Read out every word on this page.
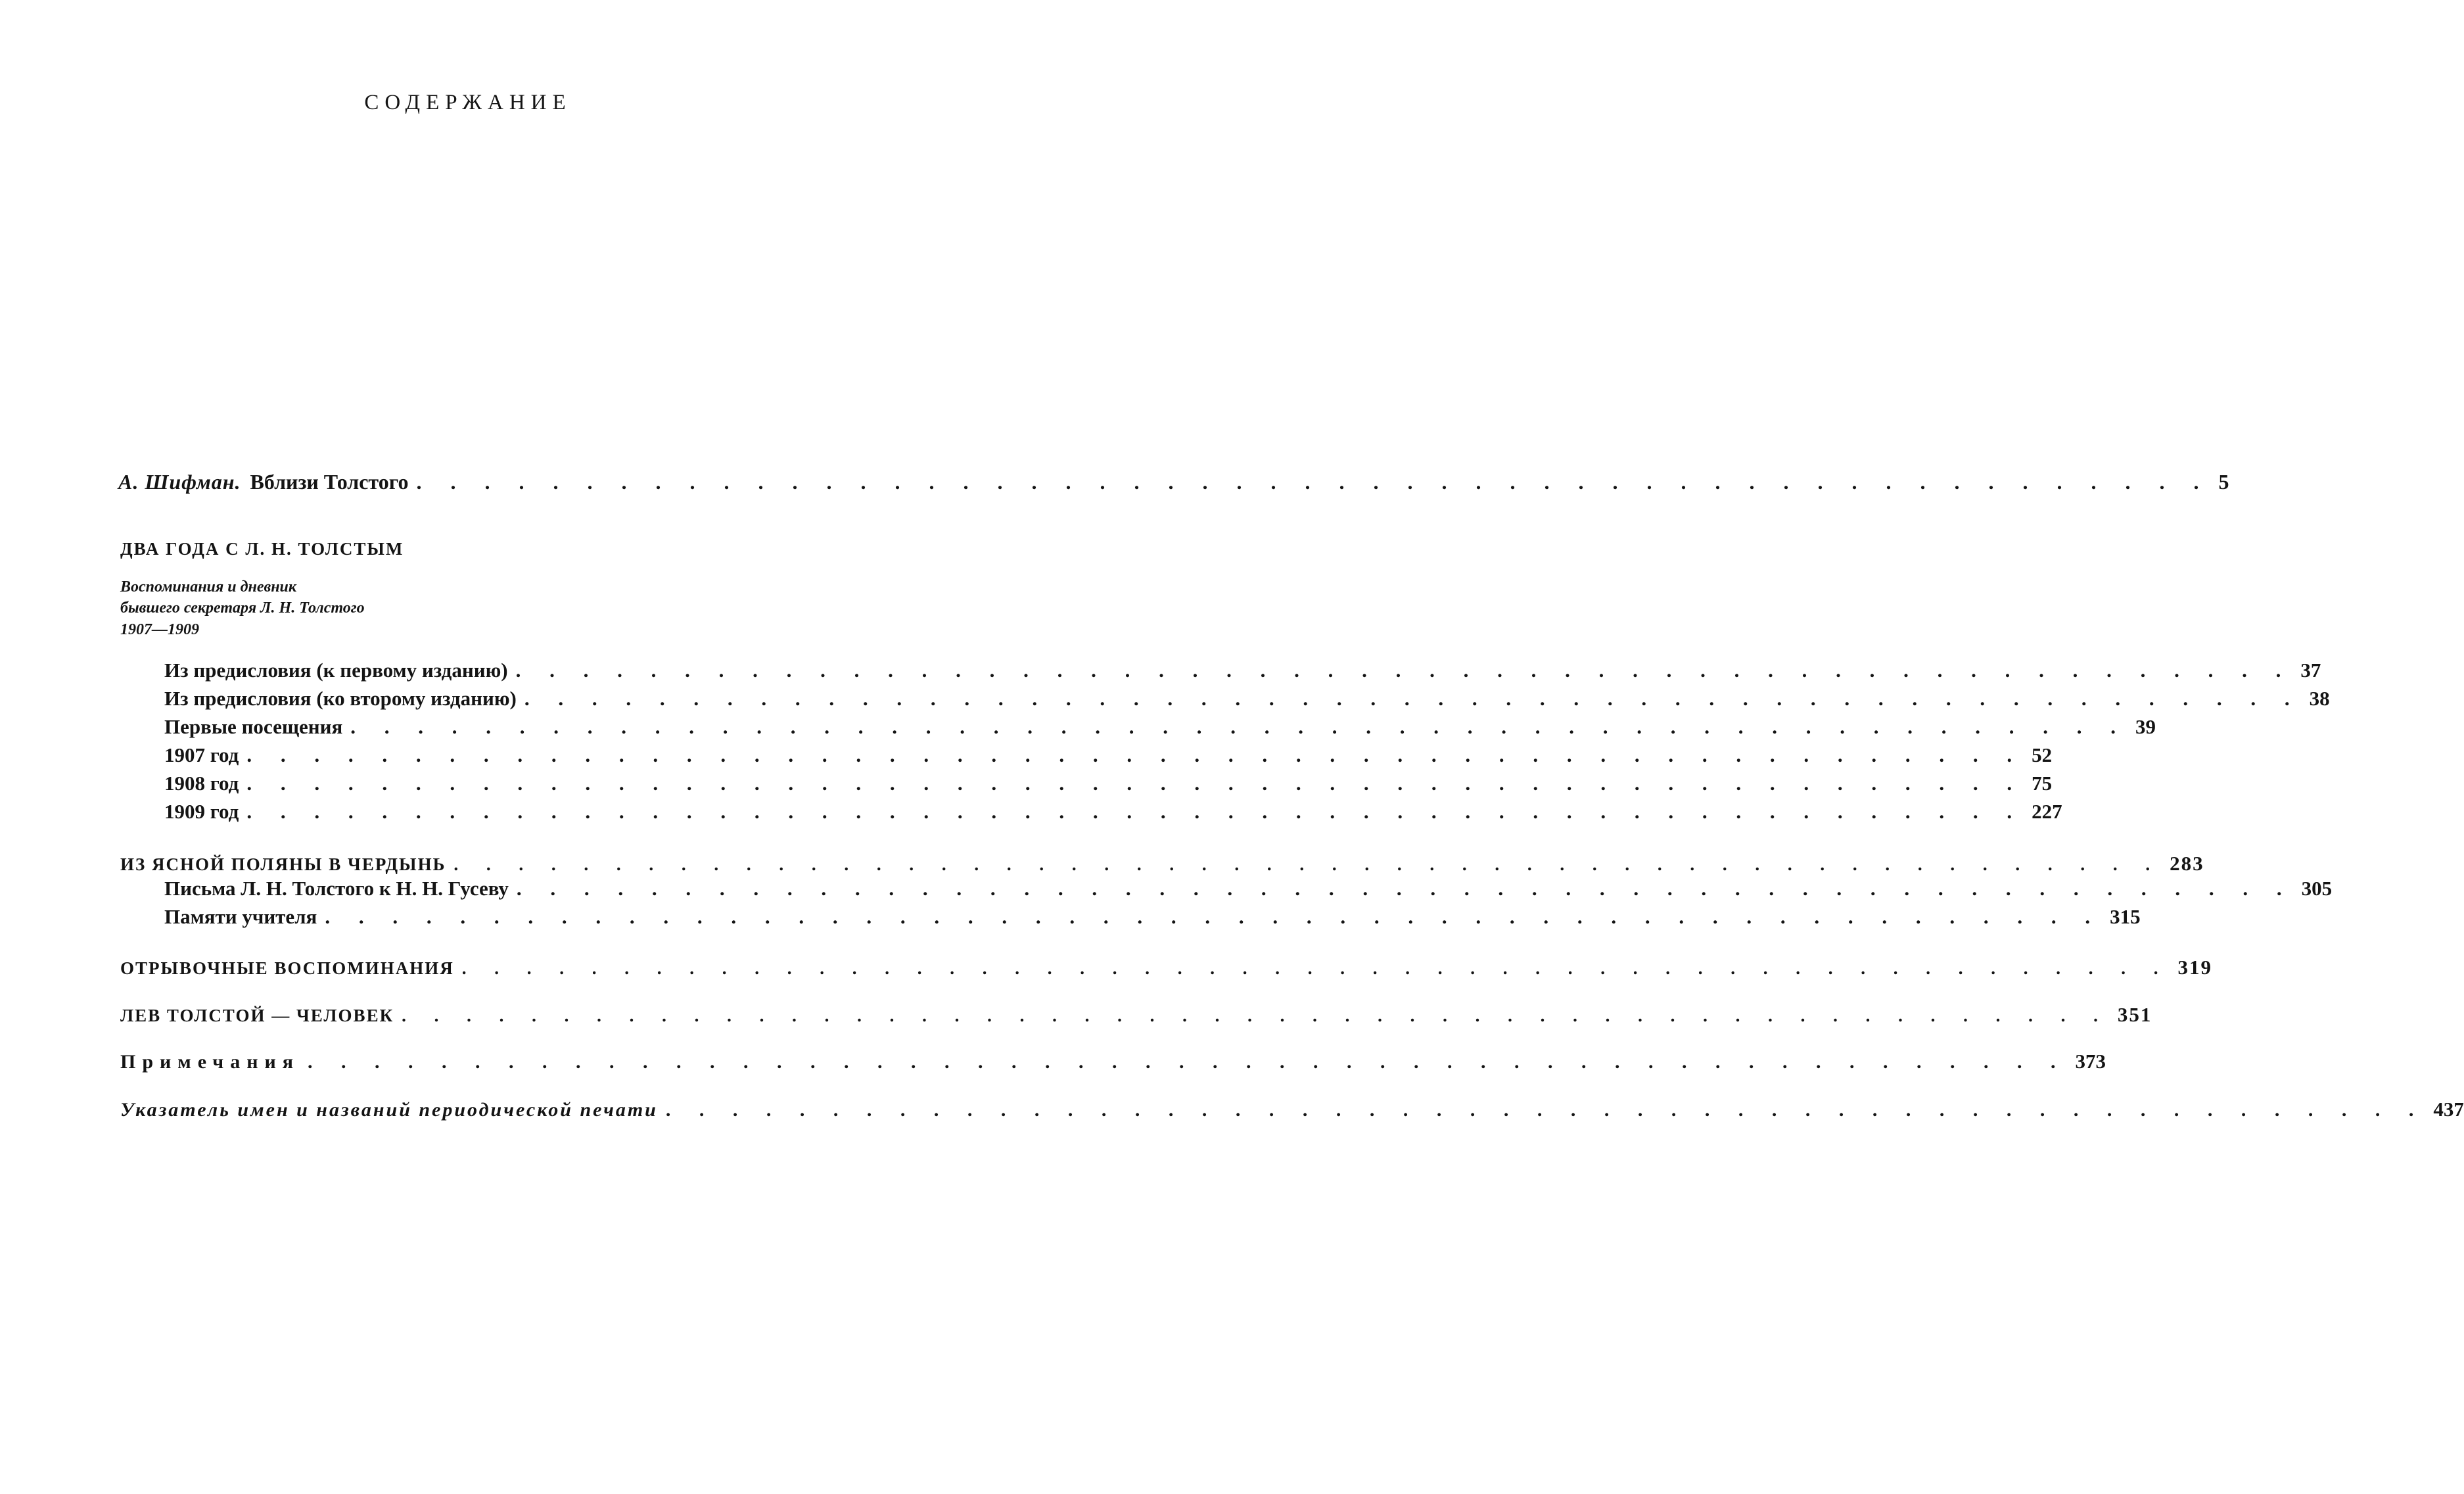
СОДЕРЖАНИЕ
А. Шифман. Вблизи Толстого . . . . . . . . . . . . . . . . . . . . . . . . . . . . . . . . . . . . . . . . . . . . . . . . . . . . . 5
ДВА ГОДА С Л. Н. ТОЛСТЫМ
Воспоминания и дневник
бывшего секретаря Л. Н. Толстого
1907—1909
Из предисловия (к первому изданию) . . . . . . . . . . . . . . . . . . . . . . . . . . . . . . . . . . . . . . . . . . . . . . . . . . . . . 37
Из предисловия (ко второму изданию) . . . . . . . . . . . . . . . . . . . . . . . . . . . . . . . . . . . . . . . . . . . . . . . . . . . . . 38
Первые посещения . . . . . . . . . . . . . . . . . . . . . . . . . . . . . . . . . . . . . . . . . . . . . . . . . . . . . 39
1907 год . . . . . . . . . . . . . . . . . . . . . . . . . . . . . . . . . . . . . . . . . . . . . . . . . . . . . 52
1908 год . . . . . . . . . . . . . . . . . . . . . . . . . . . . . . . . . . . . . . . . . . . . . . . . . . . . . 75
1909 год . . . . . . . . . . . . . . . . . . . . . . . . . . . . . . . . . . . . . . . . . . . . . . . . . . . . . 227
ИЗ ЯСНОЙ ПОЛЯНЫ В ЧЕРДЫНЬ . . . . . . . . . . . . . . . . . . . . . . . . . . . . . . . . . . . . . . . . . . . . . . . . . . . . . 283
Письма Л. Н. Толстого к Н. Н. Гусеву . . . . . . . . . . . . . . . . . . . . . . . . . . . . . . . . . . . . . . . . . . . . . . . . . . . . . 305
Памяти учителя . . . . . . . . . . . . . . . . . . . . . . . . . . . . . . . . . . . . . . . . . . . . . . . . . . . . . 315
ОТРЫВОЧНЫЕ ВОСПОМИНАНИЯ . . . . . . . . . . . . . . . . . . . . . . . . . . . . . . . . . . . . . . . . . . . . . . . . . . . . . 319
ЛЕВ ТОЛСТОЙ — ЧЕЛОВЕК . . . . . . . . . . . . . . . . . . . . . . . . . . . . . . . . . . . . . . . . . . . . . . . . . . . . . 351
Примечания . . . . . . . . . . . . . . . . . . . . . . . . . . . . . . . . . . . . . . . . . . . . . . . . . . . . . 373
Указатель имен и названий периодической печати . . . . . . . . . . . . . . . . . . . . . . . . . . . . . . . . . . . . . . . . . . . . . . . . . . . . . 437
